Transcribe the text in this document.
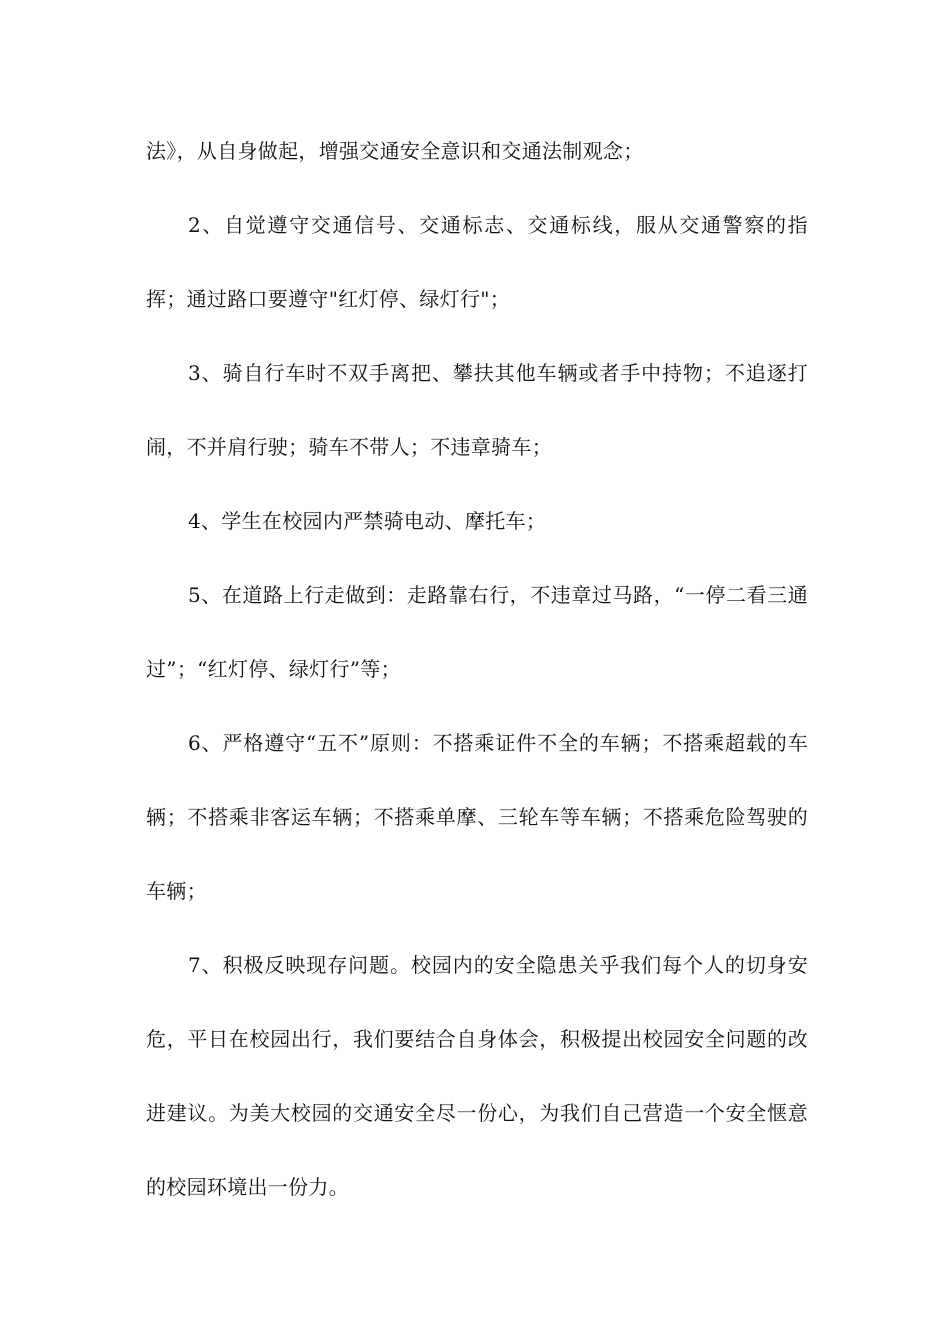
法》，从自身做起，增强交通安全意识和交通法制观念；

2、自觉遵守交通信号、交通标志、交通标线，服从交通警察的指挥；通过路口要遵守"红灯停、绿灯行"；

3、骑自行车时不双手离把、攀扶其他车辆或者手中持物；不追逐打闹，不并肩行驶；骑车不带人；不违章骑车；

4、学生在校园内严禁骑电动、摩托车；

5、在道路上行走做到：走路靠右行，不违章过马路，“一停二看三通过”；“红灯停、绿灯行”等；

6、严格遵守“五不”原则：不搭乘证件不全的车辆；不搭乘超载的车辆；不搭乘非客运车辆；不搭乘单摩、三轮车等车辆；不搭乘危险驾驶的车辆；

7、积极反映现存问题。校园内的安全隐患关乎我们每个人的切身安危，平日在校园出行，我们要结合自身体会，积极提出校园安全问题的改进建议。为美大校园的交通安全尽一份心，为我们自己营造一个安全惬意的校园环境出一份力。
